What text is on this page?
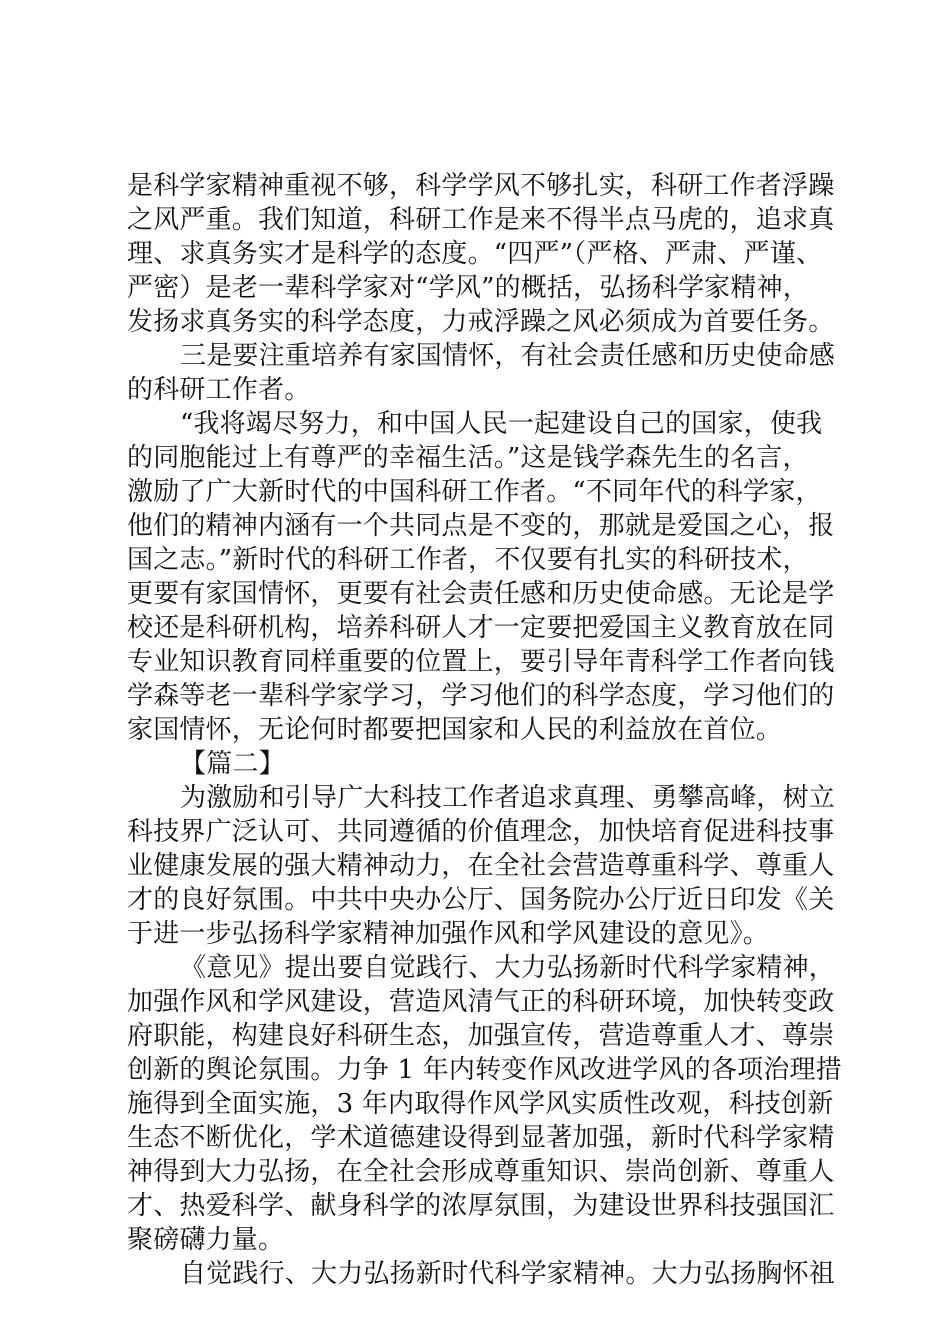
是科学家精神重视不够，科学学风不够扎实，科研工作者浮躁
之风严重。我们知道，科研工作是来不得半点马虎的，追求真
理、求真务实才是科学的态度。“四严”（严格、严肃、严谨、
严密）是老一辈科学家对“学风”的概括，弘扬科学家精神，
发扬求真务实的科学态度，力戒浮躁之风必须成为首要任务。
三是要注重培养有家国情怀，有社会责任感和历史使命感
的科研工作者。
“我将竭尽努力，和中国人民一起建设自己的国家，使我
的同胞能过上有尊严的幸福生活。”这是钱学森先生的名言，
激励了广大新时代的中国科研工作者。“不同年代的科学家，
他们的精神内涵有一个共同点是不变的，那就是爱国之心，报
国之志。”新时代的科研工作者，不仅要有扎实的科研技术，
更要有家国情怀，更要有社会责任感和历史使命感。无论是学
校还是科研机构，培养科研人才一定要把爱国主义教育放在同
专业知识教育同样重要的位置上，要引导年青科学工作者向钱
学森等老一辈科学家学习，学习他们的科学态度，学习他们的
家国情怀，无论何时都要把国家和人民的利益放在首位。
【篇二】
为激励和引导广大科技工作者追求真理、勇攀高峰，树立
科技界广泛认可、共同遵循的价值理念，加快培育促进科技事
业健康发展的强大精神动力，在全社会营造尊重科学、尊重人
才的良好氛围。中共中央办公厅、国务院办公厅近日印发《关
于进一步弘扬科学家精神加强作风和学风建设的意见》。
《意见》提出要自觉践行、大力弘扬新时代科学家精神，
加强作风和学风建设，营造风清气正的科研环境，加快转变政
府职能，构建良好科研生态，加强宣传，营造尊重人才、尊崇
创新的舆论氛围。力争 1 年内转变作风改进学风的各项治理措
施得到全面实施，3 年内取得作风学风实质性改观，科技创新
生态不断优化，学术道德建设得到显著加强，新时代科学家精
神得到大力弘扬，在全社会形成尊重知识、崇尚创新、尊重人
才、热爱科学、献身科学的浓厚氛围，为建设世界科技强国汇
聚磅礴力量。
自觉践行、大力弘扬新时代科学家精神。大力弘扬胸怀祖
